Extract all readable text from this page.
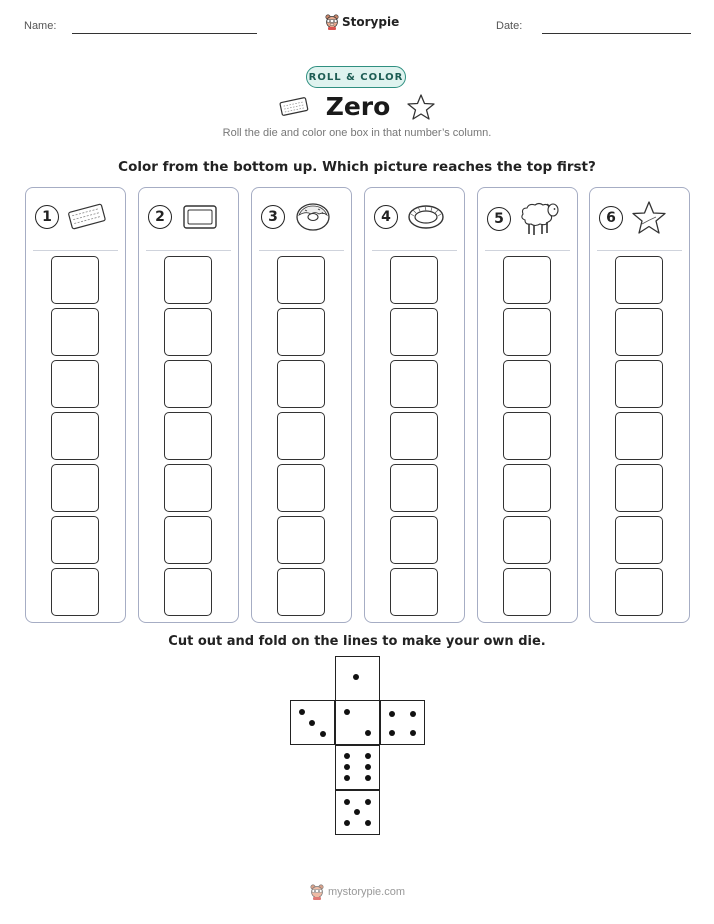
Name:	Storypie	Date:
ROLL & COLOR
Zero
Roll the die and color one box in that number’s column.
Color from the bottom up. Which picture reaches the top first?
1	2	3	4	5	6
Cut out and fold on the lines to make your own die.
mystorypie.com
